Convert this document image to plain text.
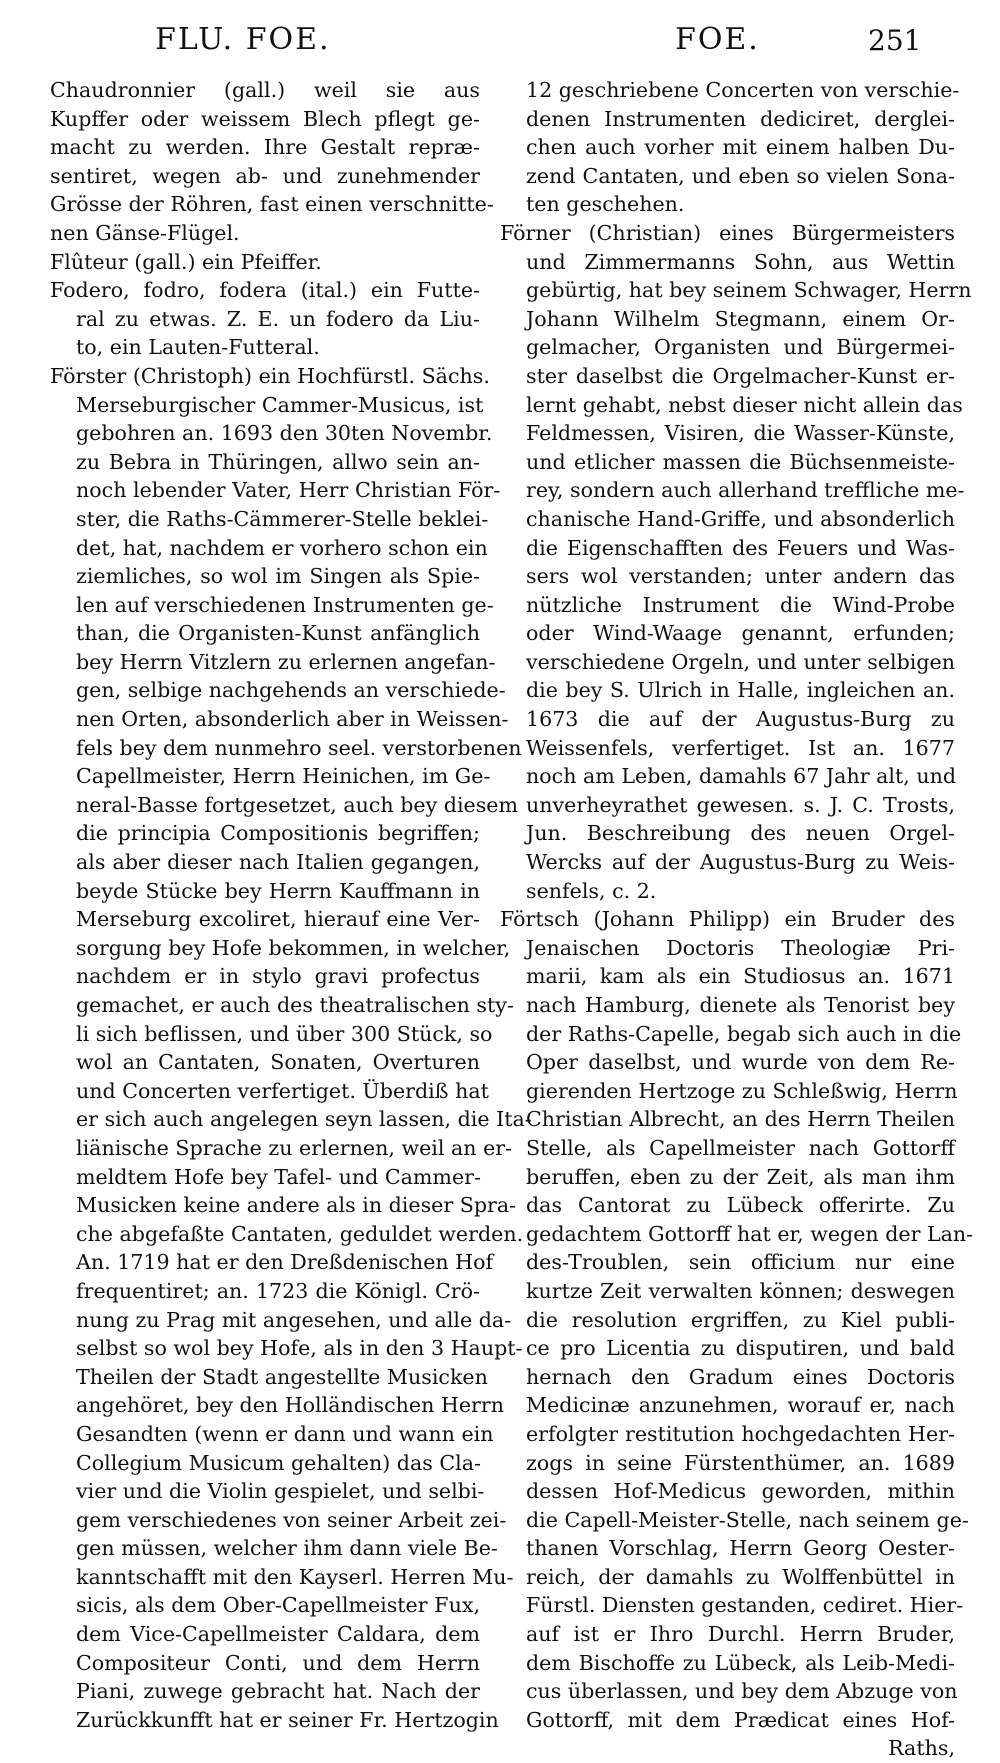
FLU. FOE.	FOE.	251
Chaudronnier (gall.) weil sie aus
Kupffer oder weissem Blech pflegt ge-
macht zu werden. Ihre Gestalt repræ-
sentiret, wegen ab- und zunehmender
Grösse der Röhren, fast einen verschnitte-
nen Gänse-Flügel.
Flûteur (gall.) ein Pfeiffer.
Fodero, fodro, fodera (ital.) ein Futte-
ral zu etwas. Z. E. un fodero da Liu-
to, ein Lauten-Futteral.
Förster (Christoph) ein Hochfürstl. Sächs.
Merseburgischer Cammer-Musicus, ist
gebohren an. 1693 den 30ten Novembr.
zu Bebra in Thüringen, allwo sein an-
noch lebender Vater, Herr Christian För-
ster, die Raths-Cämmerer-Stelle beklei-
det, hat, nachdem er vorhero schon ein
ziemliches, so wol im Singen als Spie-
len auf verschiedenen Instrumenten ge-
than, die Organisten-Kunst anfänglich
bey Herrn Vitzlern zu erlernen angefan-
gen, selbige nachgehends an verschiede-
nen Orten, absonderlich aber in Weissen-
fels bey dem nunmehro seel. verstorbenen
Capellmeister, Herrn Heinichen, im Ge-
neral-Basse fortgesetzet, auch bey diesem
die principia Compositionis begriffen;
als aber dieser nach Italien gegangen,
beyde Stücke bey Herrn Kauffmann in
Merseburg excoliret, hierauf eine Ver-
sorgung bey Hofe bekommen, in welcher,
nachdem er in stylo gravi profectus
gemachet, er auch des theatralischen sty-
li sich beflissen, und über 300 Stück, so
wol an Cantaten, Sonaten, Overturen
und Concerten verfertiget. Überdiß hat
er sich auch angelegen seyn lassen, die Ita-
liänische Sprache zu erlernen, weil an er-
meldtem Hofe bey Tafel- und Cammer-
Musicken keine andere als in dieser Spra-
che abgefaßte Cantaten, geduldet werden.
An. 1719 hat er den Dreßdenischen Hof
frequentiret; an. 1723 die Königl. Crö-
nung zu Prag mit angesehen, und alle da-
selbst so wol bey Hofe, als in den 3 Haupt-
Theilen der Stadt angestellte Musicken
angehöret, bey den Holländischen Herrn
Gesandten (wenn er dann und wann ein
Collegium Musicum gehalten) das Cla-
vier und die Violin gespielet, und selbi-
gem verschiedenes von seiner Arbeit zei-
gen müssen, welcher ihm dann viele Be-
kanntschafft mit den Kayserl. Herren Mu-
sicis, als dem Ober-Capellmeister Fux,
dem Vice-Capellmeister Caldara, dem
Compositeur Conti, und dem Herrn
Piani, zuwege gebracht hat. Nach der
Zurückkunfft hat er seiner Fr. Hertzogin
12 geschriebene Concerten von verschie-
denen Instrumenten dediciret, derglei-
chen auch vorher mit einem halben Du-
zend Cantaten, und eben so vielen Sona-
ten geschehen.
Förner (Christian) eines Bürgermeisters
und Zimmermanns Sohn, aus Wettin
gebürtig, hat bey seinem Schwager, Herrn
Johann Wilhelm Stegmann, einem Or-
gelmacher, Organisten und Bürgermei-
ster daselbst die Orgelmacher-Kunst er-
lernt gehabt, nebst dieser nicht allein das
Feldmessen, Visiren, die Wasser-Künste,
und etlicher massen die Büchsenmeiste-
rey, sondern auch allerhand treffliche me-
chanische Hand-Griffe, und absonderlich
die Eigenschafften des Feuers und Was-
sers wol verstanden; unter andern das
nützliche Instrument die Wind-Probe
oder Wind-Waage genannt, erfunden;
verschiedene Orgeln, und unter selbigen
die bey S. Ulrich in Halle, ingleichen an.
1673 die auf der Augustus-Burg zu
Weissenfels, verfertiget. Ist an. 1677
noch am Leben, damahls 67 Jahr alt, und
unverheyrathet gewesen. s. J. C. Trosts,
Jun. Beschreibung des neuen Orgel-
Wercks auf der Augustus-Burg zu Weis-
senfels, c. 2.
Förtsch (Johann Philipp) ein Bruder des
Jenaischen Doctoris Theologiæ Pri-
marii, kam als ein Studiosus an. 1671
nach Hamburg, dienete als Tenorist bey
der Raths-Capelle, begab sich auch in die
Oper daselbst, und wurde von dem Re-
gierenden Hertzoge zu Schleßwig, Herrn
Christian Albrecht, an des Herrn Theilen
Stelle, als Capellmeister nach Gottorff
beruffen, eben zu der Zeit, als man ihm
das Cantorat zu Lübeck offerirte. Zu
gedachtem Gottorff hat er, wegen der Lan-
des-Troublen, sein officium nur eine
kurtze Zeit verwalten können; deswegen
die resolution ergriffen, zu Kiel publi-
ce pro Licentia zu disputiren, und bald
hernach den Gradum eines Doctoris
Medicinæ anzunehmen, worauf er, nach
erfolgter restitution hochgedachten Her-
zogs in seine Fürstenthümer, an. 1689
dessen Hof-Medicus geworden, mithin
die Capell-Meister-Stelle, nach seinem ge-
thanen Vorschlag, Herrn Georg Oester-
reich, der damahls zu Wolffenbüttel in
Fürstl. Diensten gestanden, cediret. Hier-
auf ist er Ihro Durchl. Herrn Bruder,
dem Bischoffe zu Lübeck, als Leib-Medi-
cus überlassen, und bey dem Abzuge von
Gottorff, mit dem Prædicat eines Hof-
Raths,
